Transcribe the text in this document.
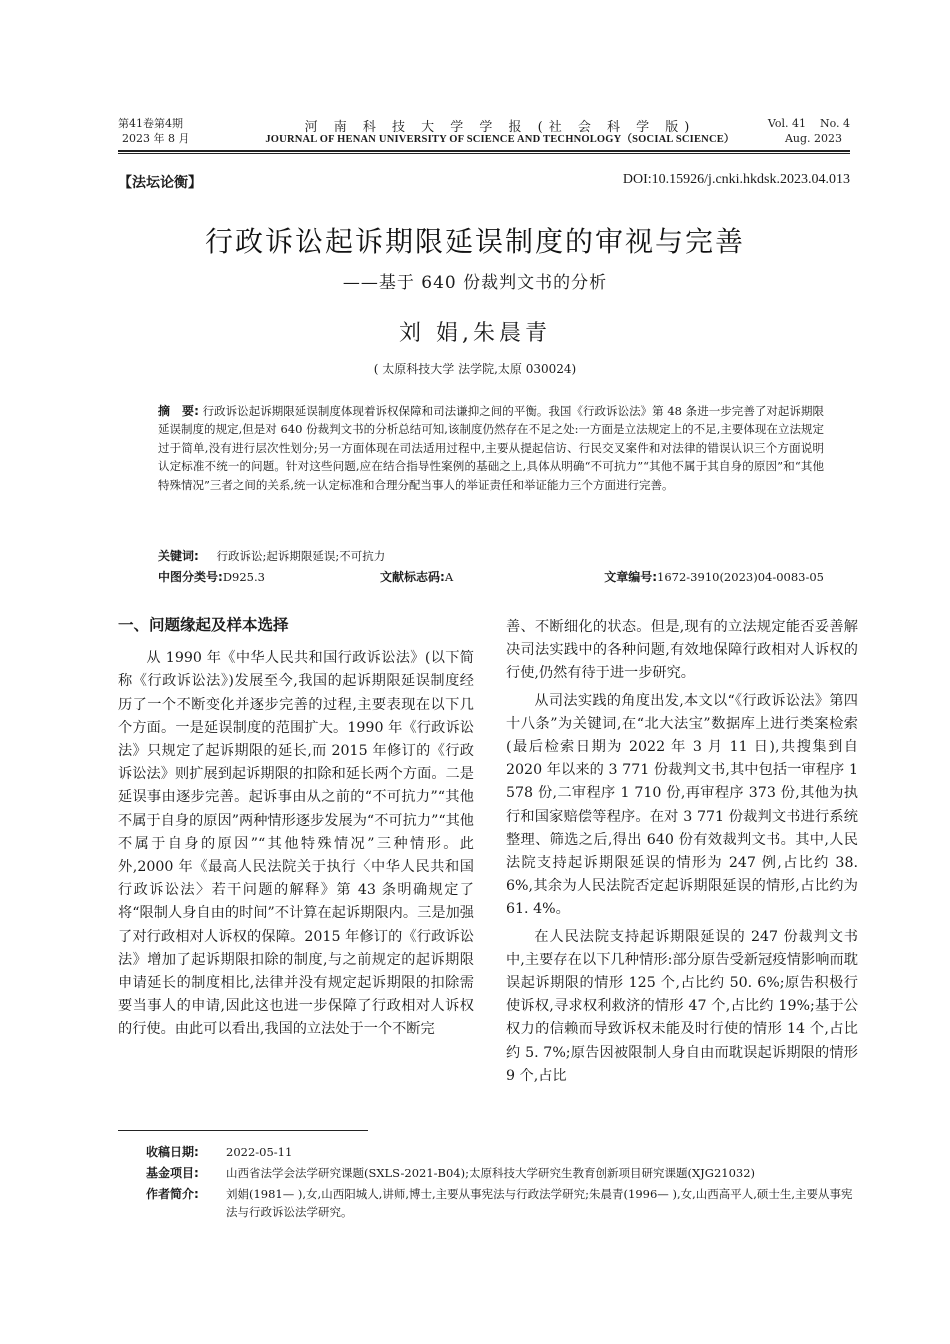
第41卷第4期
2023 年 8 月
河 南 科 技 大 学 学 报 (社 会 科 学 版)
JOURNAL OF HENAN UNIVERSITY OF SCIENCE AND TECHNOLOGY（SOCIAL SCIENCE）
Vol. 41    No. 4
Aug. 2023
【法坛论衡】	DOI:10.15926/j.cnki.hkdsk.2023.04.013
行政诉讼起诉期限延误制度的审视与完善
——基于 640 份裁判文书的分析
刘 娟,朱晨青
( 太原科技大学 法学院,太原 030024)
摘　要: 行政诉讼起诉期限延误制度体现着诉权保障和司法谦抑之间的平衡。我国《行政诉讼法》第 48 条进一步完善了对起诉期限延误制度的规定,但是对 640 份裁判文书的分析总结可知,该制度仍然存在不足之处:一方面是立法规定上的不足,主要体现在立法规定过于简单,没有进行层次性划分;另一方面体现在司法适用过程中,主要从提起信访、行民交叉案件和对法律的错误认识三个方面说明认定标准不统一的问题。针对这些问题,应在结合指导性案例的基础之上,具体从明确“不可抗力”“其他不属于其自身的原因”和“其他特殊情况”三者之间的关系,统一认定标准和合理分配当事人的举证责任和举证能力三个方面进行完善。
关键词: 行政诉讼;起诉期限延误;不可抗力
中图分类号:D925.3	文献标志码:A	文章编号:1672-3910(2023)04-0083-05
一、问题缘起及样本选择

从 1990 年《中华人民共和国行政诉讼法》(以下简称《行政诉讼法》)发展至今,我国的起诉期限延误制度经历了一个不断变化并逐步完善的过程,主要表现在以下几个方面。一是延误制度的范围扩大。1990 年《行政诉讼法》只规定了起诉期限的延长,而 2015 年修订的《行政诉讼法》则扩展到起诉期限的扣除和延长两个方面。二是延误事由逐步完善。起诉事由从之前的“不可抗力”“其他不属于自身的原因”两种情形逐步发展为“不可抗力”“其他不属于自身的原因”“其他特殊情况”三种情形。此外,2000 年《最高人民法院关于执行〈中华人民共和国行政诉讼法〉若干问题的解释》第 43 条明确规定了将“限制人身自由的时间”不计算在起诉期限内。三是加强了对行政相对人诉权的保障。2015 年修订的《行政诉讼法》增加了起诉期限扣除的制度,与之前规定的起诉期限申请延长的制度相比,法律并没有规定起诉期限的扣除需要当事人的申请,因此这也进一步保障了行政相对人诉权的行使。由此可以看出,我国的立法处于一个不断完

善、不断细化的状态。但是,现有的立法规定能否妥善解决司法实践中的各种问题,有效地保障行政相对人诉权的行使,仍然有待于进一步研究。

从司法实践的角度出发,本文以“《行政诉讼法》第四十八条”为关键词,在“北大法宝”数据库上进行类案检索(最后检索日期为 2022 年 3 月 11 日),共搜集到自 2020 年以来的 3 771 份裁判文书,其中包括一审程序 1 578 份,二审程序 1 710 份,再审程序 373 份,其他为执行和国家赔偿等程序。在对 3 771 份裁判文书进行系统整理、筛选之后,得出 640 份有效裁判文书。其中,人民法院支持起诉期限延误的情形为 247 例,占比约 38. 6%,其余为人民法院否定起诉期限延误的情形,占比约为 61. 4%。

在人民法院支持起诉期限延误的 247 份裁判文书中,主要存在以下几种情形:部分原告受新冠疫情影响而耽误起诉期限的情形 125 个,占比约 50. 6%;原告积极行使诉权,寻求权利救济的情形 47 个,占比约 19%;基于公权力的信赖而导致诉权未能及时行使的情形 14 个,占比约 5. 7%;原告因被限制人身自由而耽误起诉期限的情形 9 个,占比

收稿日期: 2022-05-11
基金项目:	山西省法学会法学研究课题(SXLS-2021-B04);太原科技大学研究生教育创新项目研究课题(XJG21032)
作者简介:	刘娟(1981— ),女,山西阳城人,讲师,博士,主要从事宪法与行政法学研究;朱晨青(1996— ),女,山西高平人,硕士生,主要从事宪法与行政诉讼法学研究。
